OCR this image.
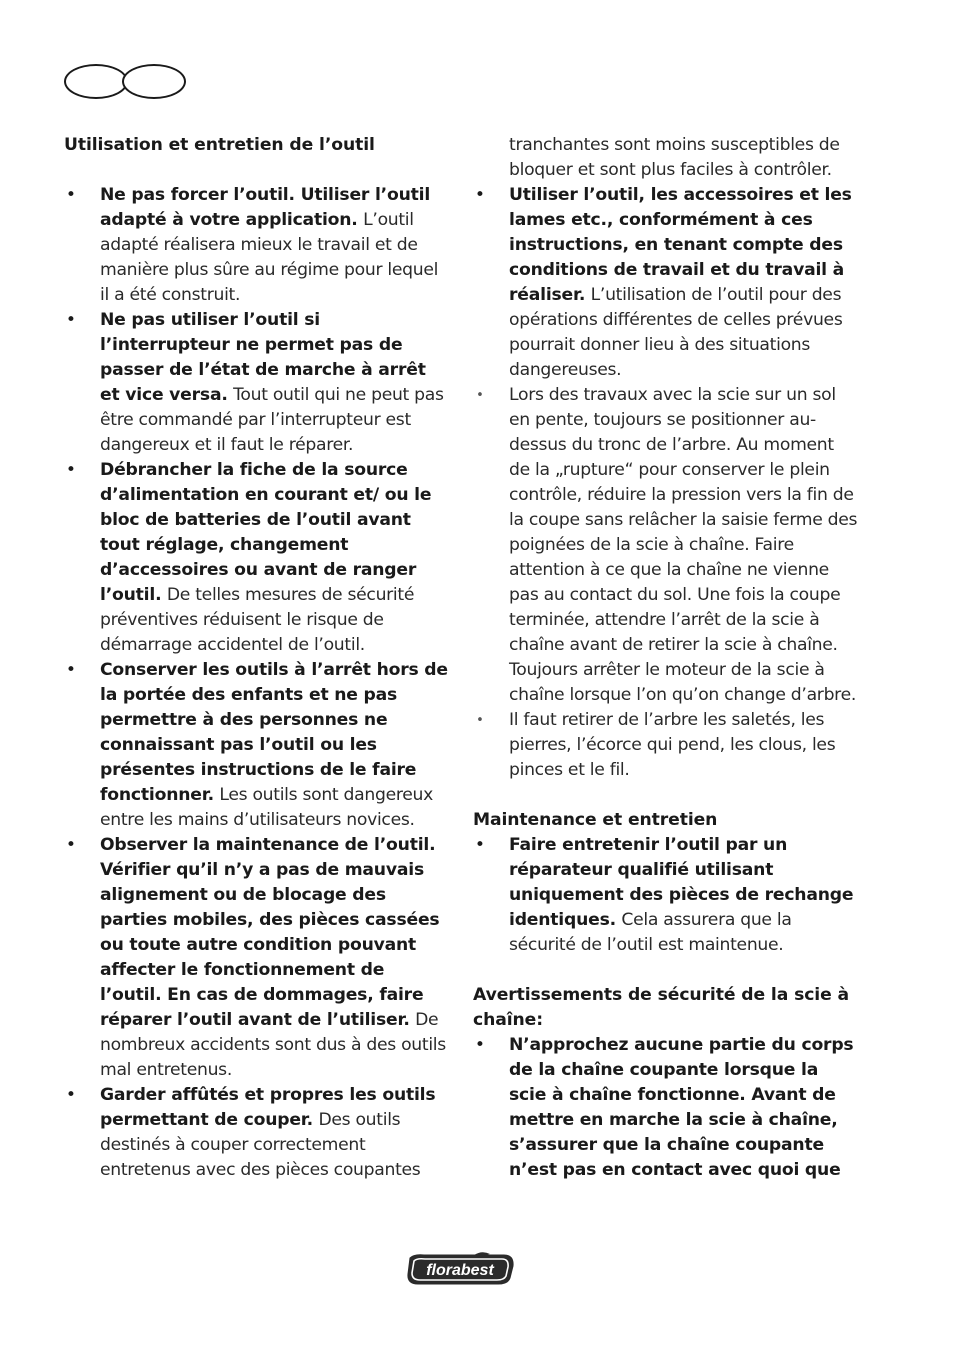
Utilisation et entretien de l’outil
• Ne pas forcer l’outil. Utiliser l’outil adapté à votre application. L’outil adapté réalisera mieux le travail et de manière plus sûre au régime pour lequel il a été construit.
• Ne pas utiliser l’outil si l’interrupteur ne permet pas de passer de l’état de marche à arrêt et vice versa. Tout outil qui ne peut pas être commandé par l’interrupteur est dangereux et il faut le réparer.
• Débrancher la fiche de la source d’alimentation en courant et/ ou le bloc de batteries de l’outil avant tout réglage, changement d’accessoires ou avant de ranger l’outil. De telles mesures de sécurité préventives réduisent le risque de démarrage accidentel de l’outil.
• Conserver les outils à l’arrêt hors de la portée des enfants et ne pas permettre à des personnes ne connaissant pas l’outil ou les présentes instructions de le faire fonctionner. Les outils sont dangereux entre les mains d’utilisateurs novices.
• Observer la maintenance de l’outil. Vérifier qu’il n’y a pas de mauvais alignement ou de blocage des parties mobiles, des pièces cassées ou toute autre condition pouvant affecter le fonctionnement de l’outil. En cas de dommages, faire réparer l’outil avant de l’utiliser. De nombreux accidents sont dus à des outils mal entretenus.
• Garder affûtés et propres les outils permettant de couper. Des outils destinés à couper correctement entretenus avec des pièces coupantes
tranchantes sont moins susceptibles de bloquer et sont plus faciles à contrôler.
• Utiliser l’outil, les accessoires et les lames etc., conformément à ces instructions, en tenant compte des conditions de travail et du travail à réaliser. L’utilisation de l’outil pour des opérations différentes de celles prévues pourrait donner lieu à des situations dangereuses.
• Lors des travaux avec la scie sur un sol en pente, toujours se positionner au-dessus du tronc de l’arbre. Au moment de la „rupture“ pour conserver le plein contrôle, réduire la pression vers la fin de la coupe sans relâcher la saisie ferme des poignées de la scie à chaîne. Faire attention à ce que la chaîne ne vienne pas au contact du sol. Une fois la coupe terminée, attendre l’arrêt de la scie à chaîne avant de retirer la scie à chaîne. Toujours arrêter le moteur de la scie à chaîne lorsque l’on qu’on change d’arbre.
• Il faut retirer de l’arbre les saletés, les pierres, l’écorce qui pend, les clous, les pinces et le fil.
Maintenance et entretien
• Faire entretenir l’outil par un réparateur qualifié utilisant uniquement des pièces de rechange identiques. Cela assurera que la sécurité de l’outil est maintenue.
Avertissements de sécurité de la scie à chaîne:
• N’approchez aucune partie du corps de la chaîne coupante lorsque la scie à chaîne fonctionne. Avant de mettre en marche la scie à chaîne, s’assurer que la chaîne coupante n’est pas en contact avec quoi que
florabest
